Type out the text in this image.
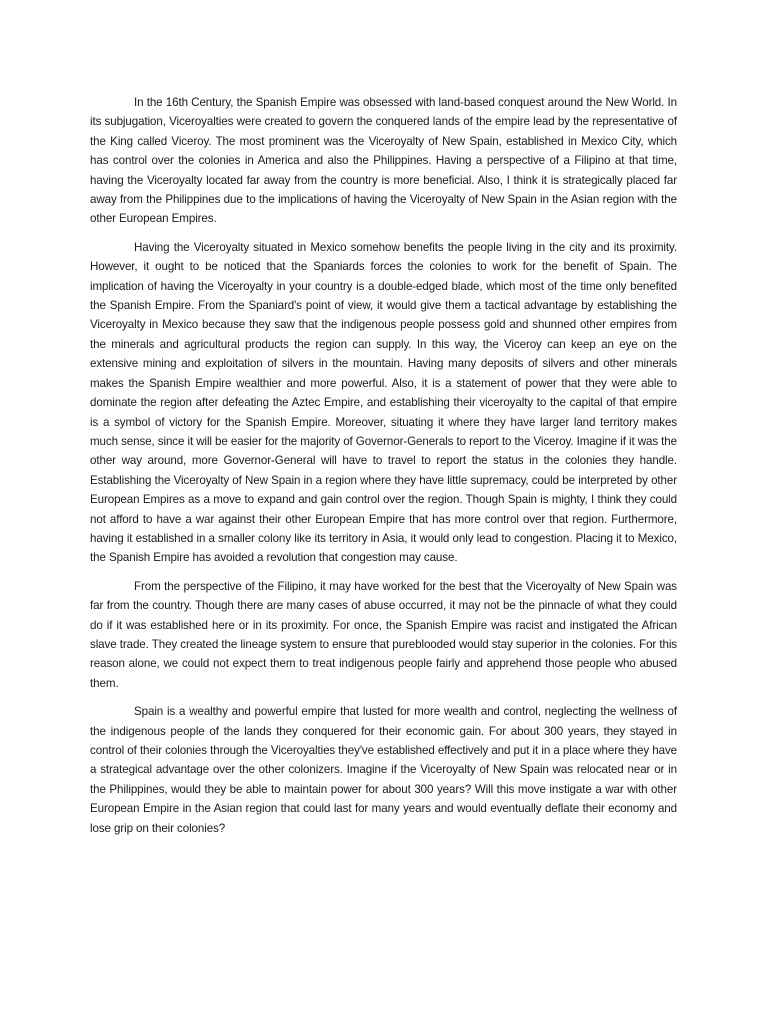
In the 16th Century, the Spanish Empire was obsessed with land-based conquest around the New World. In its subjugation, Viceroyalties were created to govern the conquered lands of the empire lead by the representative of the King called Viceroy. The most prominent was the Viceroyalty of New Spain, established in Mexico City, which has control over the colonies in America and also the Philippines. Having a perspective of a Filipino at that time, having the Viceroyalty located far away from the country is more beneficial. Also, I think it is strategically placed far away from the Philippines due to the implications of having the Viceroyalty of New Spain in the Asian region with the other European Empires.

Having the Viceroyalty situated in Mexico somehow benefits the people living in the city and its proximity. However, it ought to be noticed that the Spaniards forces the colonies to work for the benefit of Spain. The implication of having the Viceroyalty in your country is a double-edged blade, which most of the time only benefited the Spanish Empire. From the Spaniard's point of view, it would give them a tactical advantage by establishing the Viceroyalty in Mexico because they saw that the indigenous people possess gold and shunned other empires from the minerals and agricultural products the region can supply. In this way, the Viceroy can keep an eye on the extensive mining and exploitation of silvers in the mountain. Having many deposits of silvers and other minerals makes the Spanish Empire wealthier and more powerful. Also, it is a statement of power that they were able to dominate the region after defeating the Aztec Empire, and establishing their viceroyalty to the capital of that empire is a symbol of victory for the Spanish Empire. Moreover, situating it where they have larger land territory makes much sense, since it will be easier for the majority of Governor-Generals to report to the Viceroy. Imagine if it was the other way around, more Governor-General will have to travel to report the status in the colonies they handle. Establishing the Viceroyalty of New Spain in a region where they have little supremacy, could be interpreted by other European Empires as a move to expand and gain control over the region. Though Spain is mighty, I think they could not afford to have a war against their other European Empire that has more control over that region. Furthermore, having it established in a smaller colony like its territory in Asia, it would only lead to congestion. Placing it to Mexico, the Spanish Empire has avoided a revolution that congestion may cause.

From the perspective of the Filipino, it may have worked for the best that the Viceroyalty of New Spain was far from the country. Though there are many cases of abuse occurred, it may not be the pinnacle of what they could do if it was established here or in its proximity. For once, the Spanish Empire was racist and instigated the African slave trade. They created the lineage system to ensure that pureblooded would stay superior in the colonies. For this reason alone, we could not expect them to treat indigenous people fairly and apprehend those people who abused them.

Spain is a wealthy and powerful empire that lusted for more wealth and control, neglecting the wellness of the indigenous people of the lands they conquered for their economic gain. For about 300 years, they stayed in control of their colonies through the Viceroyalties they've established effectively and put it in a place where they have a strategical advantage over the other colonizers. Imagine if the Viceroyalty of New Spain was relocated near or in the Philippines, would they be able to maintain power for about 300 years? Will this move instigate a war with other European Empire in the Asian region that could last for many years and would eventually deflate their economy and lose grip on their colonies?
